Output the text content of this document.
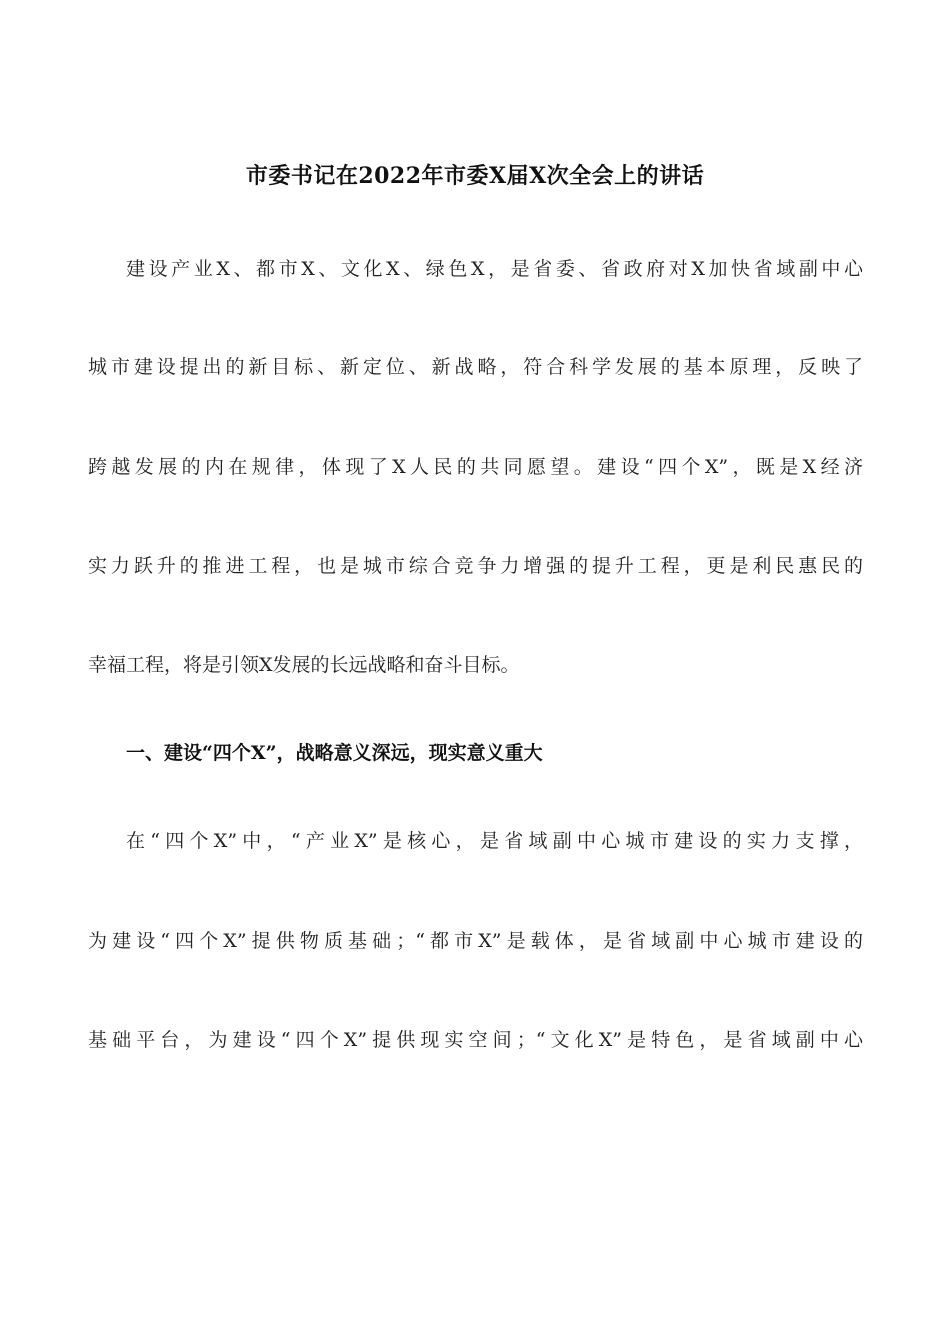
市委书记在2022年市委X届X次全会上的讲话
建设产业X、都市X、文化X、绿色X，是省委、省政府对X加快省域副中心
城市建设提出的新目标、新定位、新战略，符合科学发展的基本原理，反映了
跨越发展的内在规律，体现了X人民的共同愿望。建设“四个X”，既是X经济
实力跃升的推进工程，也是城市综合竞争力增强的提升工程，更是利民惠民的
幸福工程，将是引领X发展的长远战略和奋斗目标。
一、建设“四个X”，战略意义深远，现实意义重大
在“四个X”中，“产业X”是核心，是省域副中心城市建设的实力支撑，
为建设“四个X”提供物质基础；“都市X”是载体，是省域副中心城市建设的
基础平台，为建设“四个X”提供现实空间；“文化X”是特色，是省域副中心
